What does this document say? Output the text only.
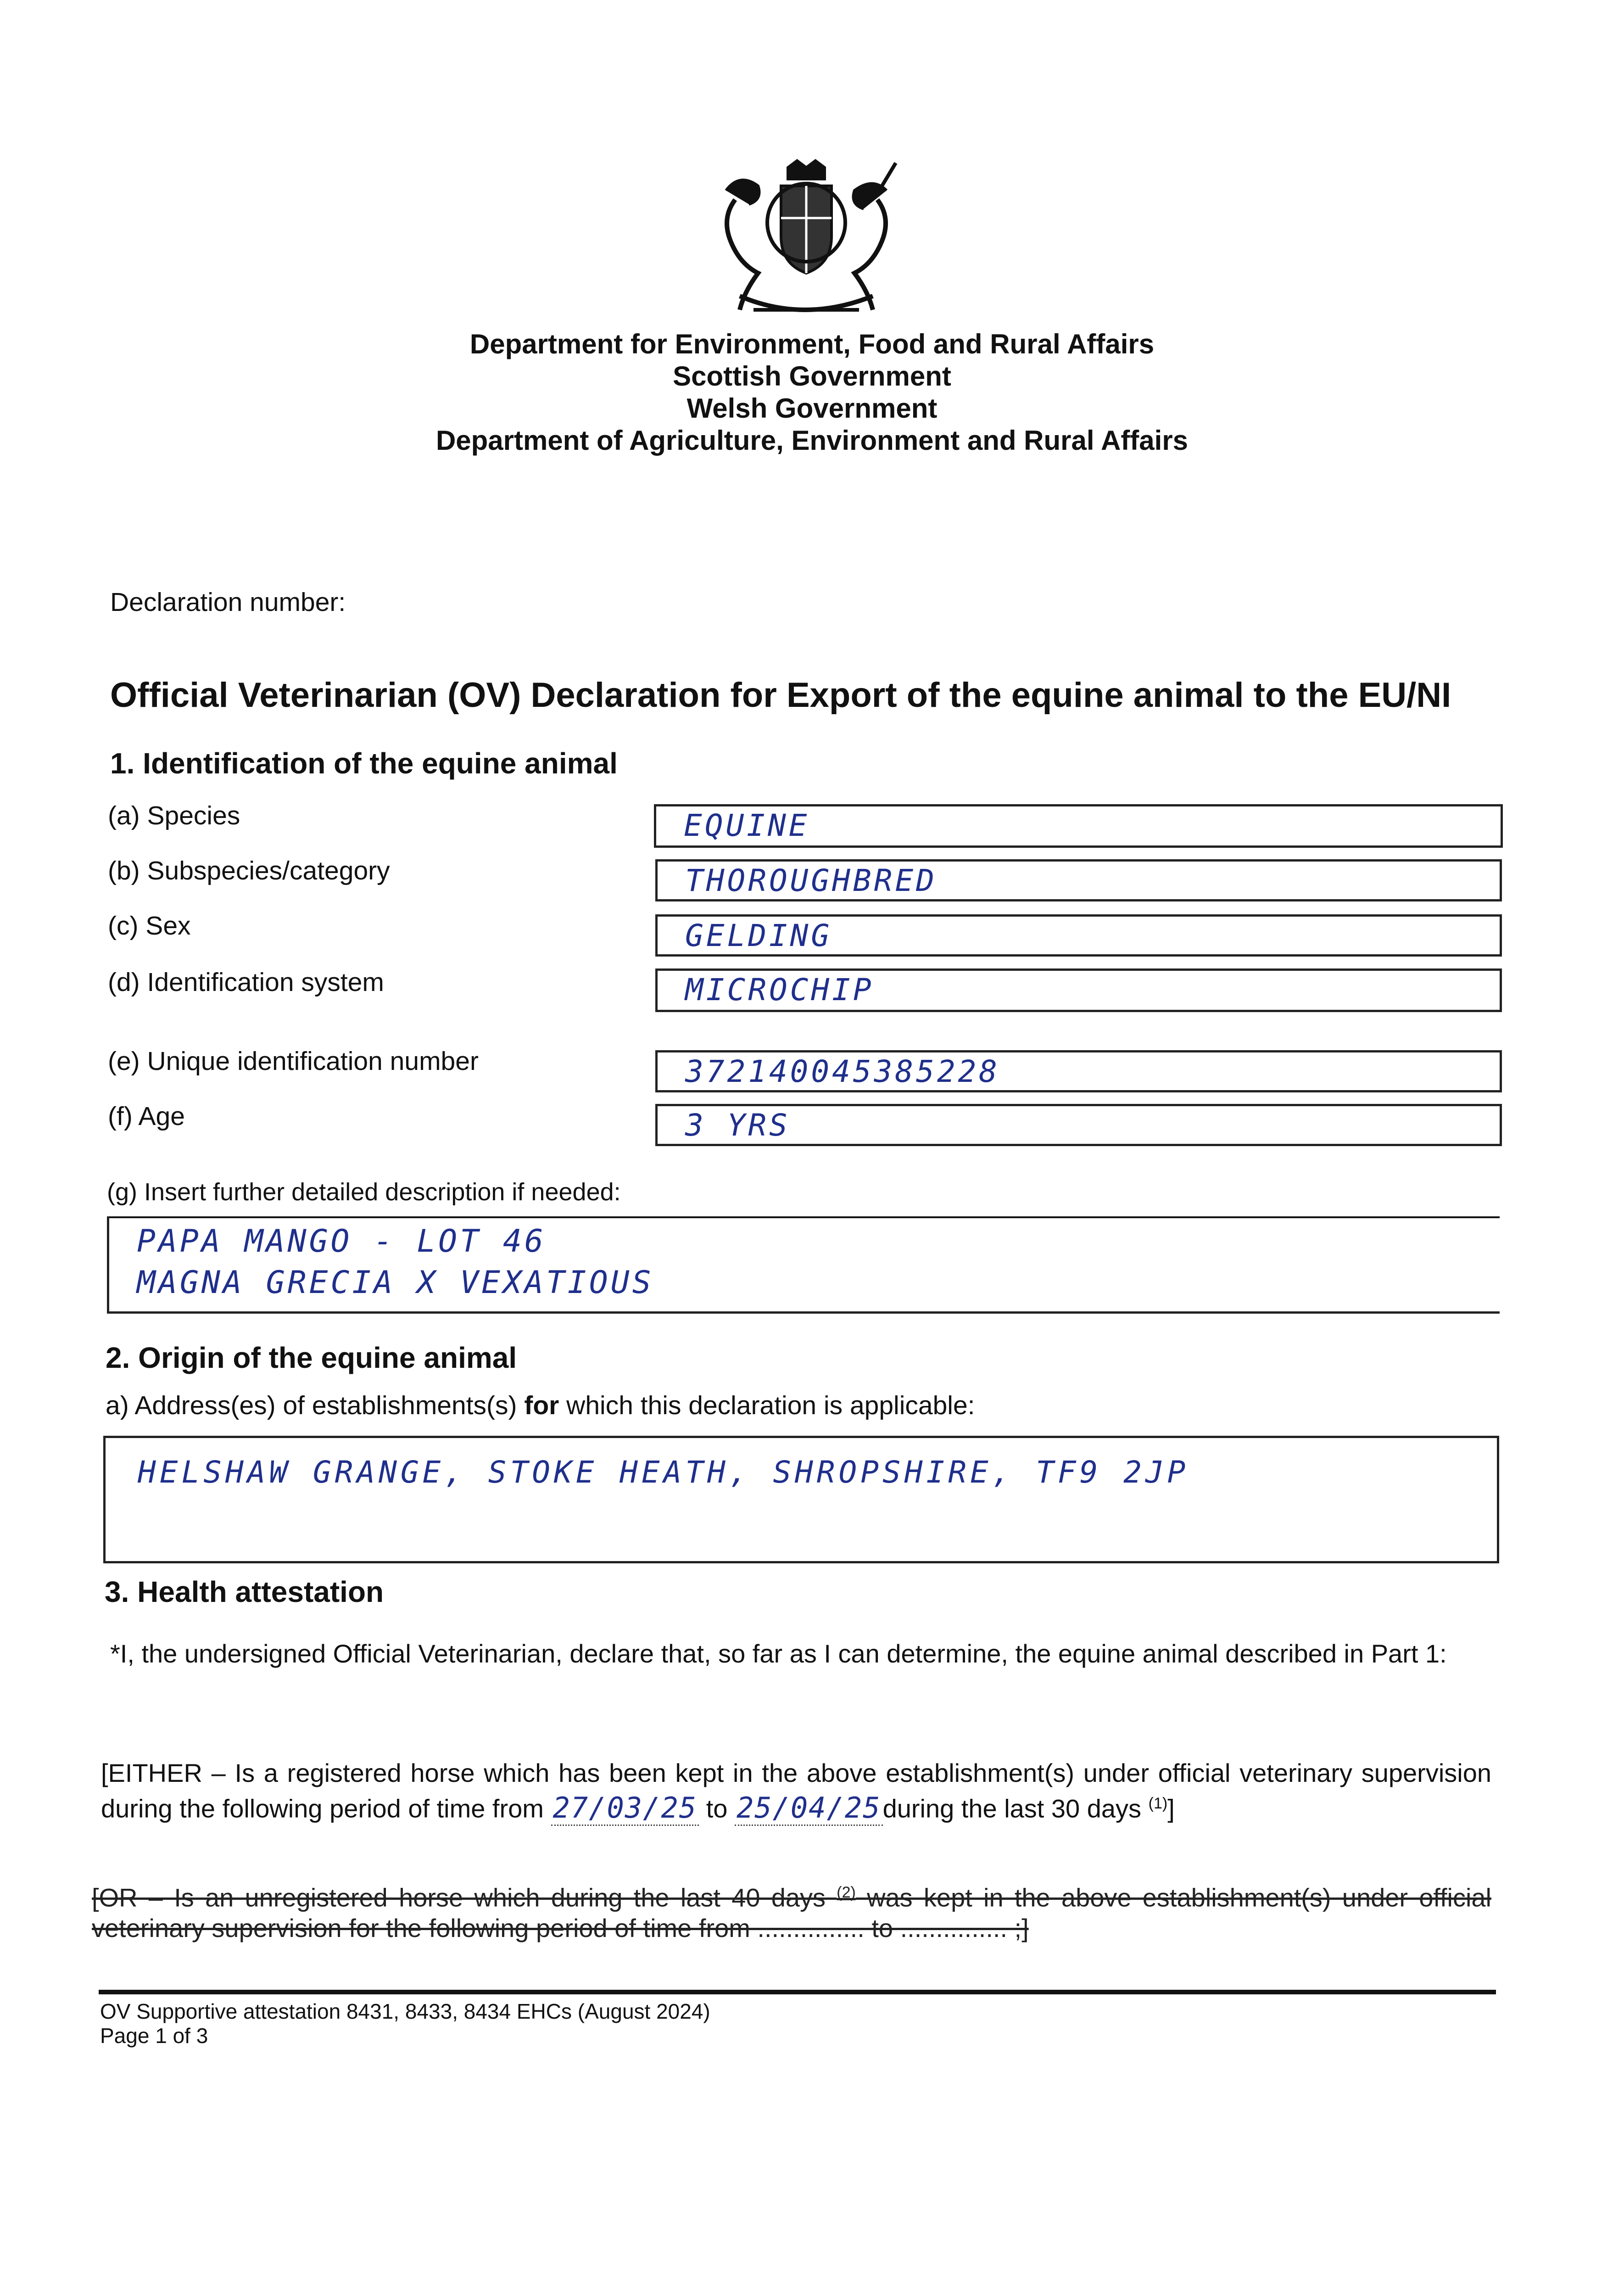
Department for Environment, Food and Rural Affairs
Scottish Government
Welsh Government
Department of Agriculture, Environment and Rural Affairs
Declaration number:
Official Veterinarian (OV) Declaration for Export of the equine animal to the EU/NI
1. Identification of the equine animal
(a) Species	EQUINE
(b) Subspecies/category	THOROUGHBRED
(c) Sex	GELDING
(d) Identification system	MICROCHIP
(e) Unique identification number	372140045385228
(f) Age	3 YRS
(g) Insert further detailed description if needed:
PAPA MANGO - LOT 46
MAGNA GRECIA X VEXATIOUS
2. Origin of the equine animal
a) Address(es) of establishments(s) for which this declaration is applicable:
HELSHAW GRANGE, STOKE HEATH, SHROPSHIRE, TF9 2JP
3. Health attestation
*I, the undersigned Official Veterinarian, declare that, so far as I can determine, the equine animal described in Part 1:
[EITHER – Is a registered horse which has been kept in the above establishment(s) under official veterinary supervision during the following period of time from 27/03/25 to 25/04/25during the last 30 days $^{(1)}$]
[OR – Is an unregistered horse which during the last 40 days $^{(2)}$ was kept in the above establishment(s) under official veterinary supervision for the following period of time from ............... to ............... ;]
OV Supportive attestation 8431, 8433, 8434 EHCs (August 2024)
Page 1 of 3
